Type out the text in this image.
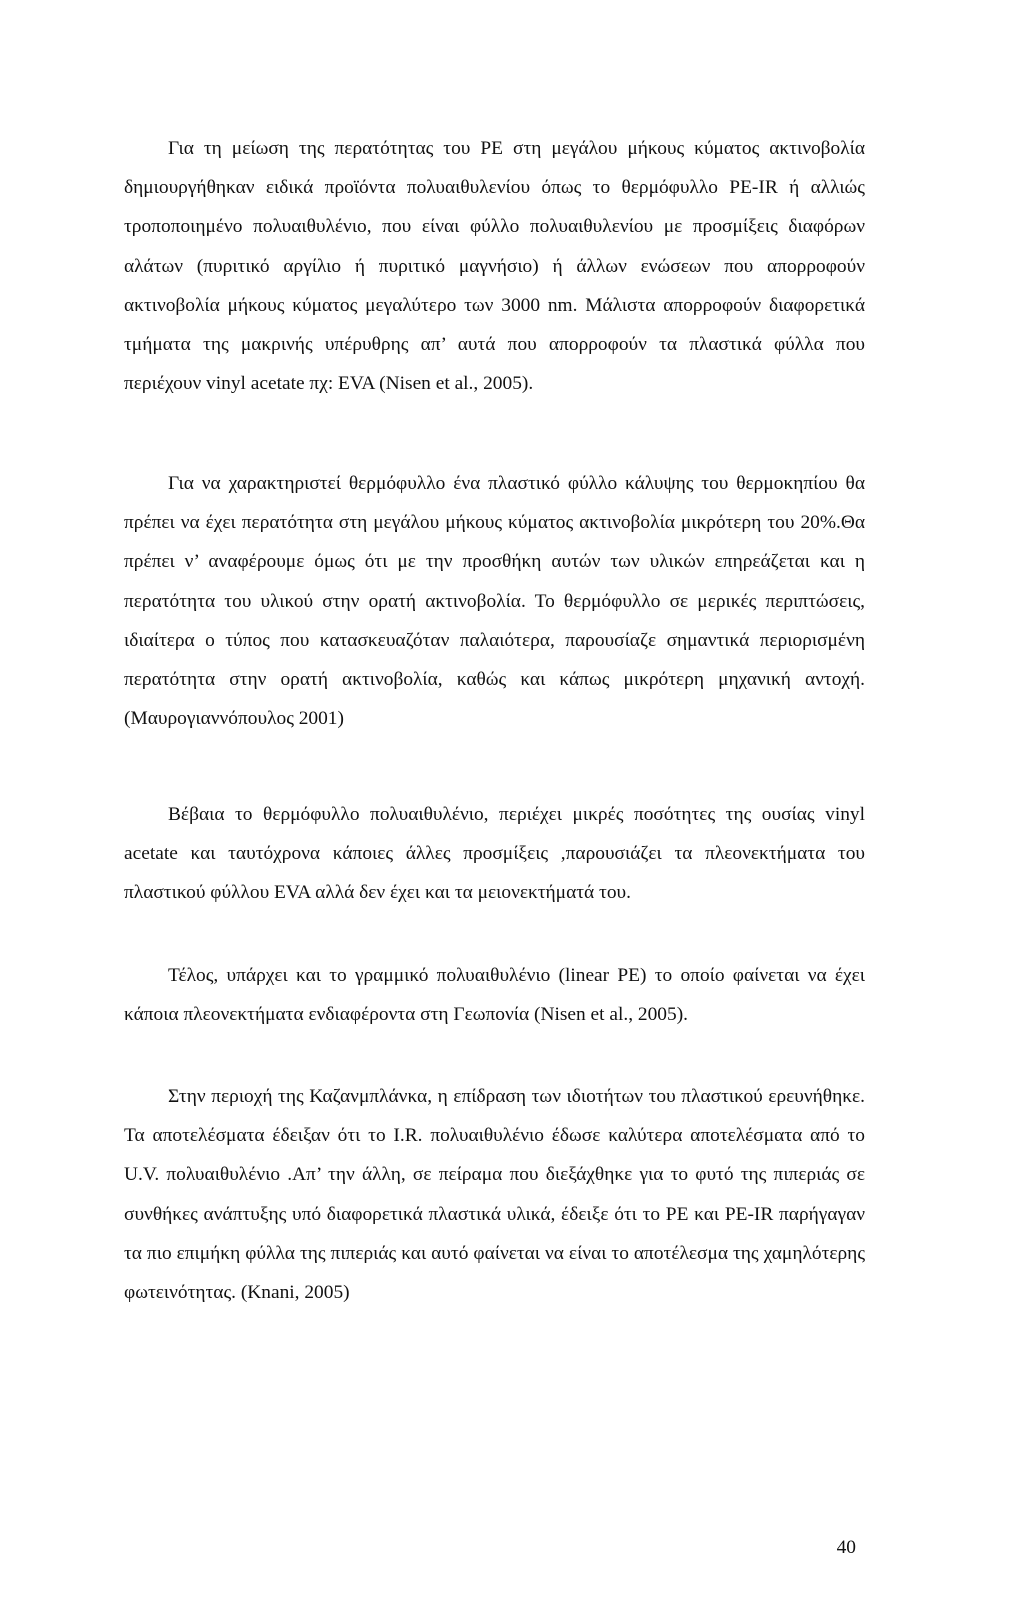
Για τη μείωση της περατότητας του PE στη μεγάλου μήκους κύματος ακτινοβολία δημιουργήθηκαν ειδικά προϊόντα πολυαιθυλενίου όπως το θερμόφυλλο PE-IR ή αλλιώς τροποποιημένο πολυαιθυλένιο, που είναι φύλλο πολυαιθυλενίου με προσμίξεις διαφόρων αλάτων (πυριτικό αργίλιο ή πυριτικό μαγνήσιο) ή άλλων ενώσεων που απορροφούν ακτινοβολία μήκους κύματος μεγαλύτερο των 3000 nm. Μάλιστα απορροφούν διαφορετικά τμήματα της μακρινής υπέρυθρης απ’ αυτά που απορροφούν τα πλαστικά φύλλα που περιέχουν vinyl acetate πχ: EVA (Nisen et al., 2005).

Για να χαρακτηριστεί θερμόφυλλο ένα πλαστικό φύλλο κάλυψης του θερμοκηπίου θα πρέπει να έχει περατότητα στη μεγάλου μήκους κύματος ακτινοβολία μικρότερη του 20%.Θα πρέπει ν’ αναφέρουμε όμως ότι με την προσθήκη αυτών των υλικών επηρεάζεται και η περατότητα του υλικού στην ορατή ακτινοβολία. Το θερμόφυλλο σε μερικές περιπτώσεις, ιδιαίτερα ο τύπος που κατασκευαζόταν παλαιότερα, παρουσίαζε σημαντικά περιορισμένη περατότητα στην ορατή ακτινοβολία, καθώς και κάπως μικρότερη μηχανική αντοχή.(Μαυρογιαννόπουλος 2001)

Βέβαια το θερμόφυλλο πολυαιθυλένιο, περιέχει μικρές ποσότητες της ουσίας vinyl acetate και ταυτόχρονα κάποιες άλλες προσμίξεις ,παρουσιάζει τα πλεονεκτήματα του πλαστικού φύλλου EVA αλλά δεν έχει και τα μειονεκτήματά του.

Τέλος, υπάρχει και το γραμμικό πολυαιθυλένιο (linear PE) το οποίο φαίνεται να έχει κάποια πλεονεκτήματα ενδιαφέροντα στη Γεωπονία (Nisen et al., 2005).

Στην περιοχή της Καζανμπλάνκα, η επίδραση των ιδιοτήτων του πλαστικού ερευνήθηκε. Τα αποτελέσματα έδειξαν ότι το I.R. πολυαιθυλένιο έδωσε καλύτερα αποτελέσματα από το U.V. πολυαιθυλένιο .Απ’ την άλλη, σε πείραμα που διεξάχθηκε για το φυτό της πιπεριάς σε συνθήκες ανάπτυξης υπό διαφορετικά πλαστικά υλικά, έδειξε ότι το PE και PE-IR παρήγαγαν τα πιο επιμήκη φύλλα της πιπεριάς και αυτό φαίνεται να είναι το αποτέλεσμα της χαμηλότερης φωτεινότητας. (Knani, 2005)

40
